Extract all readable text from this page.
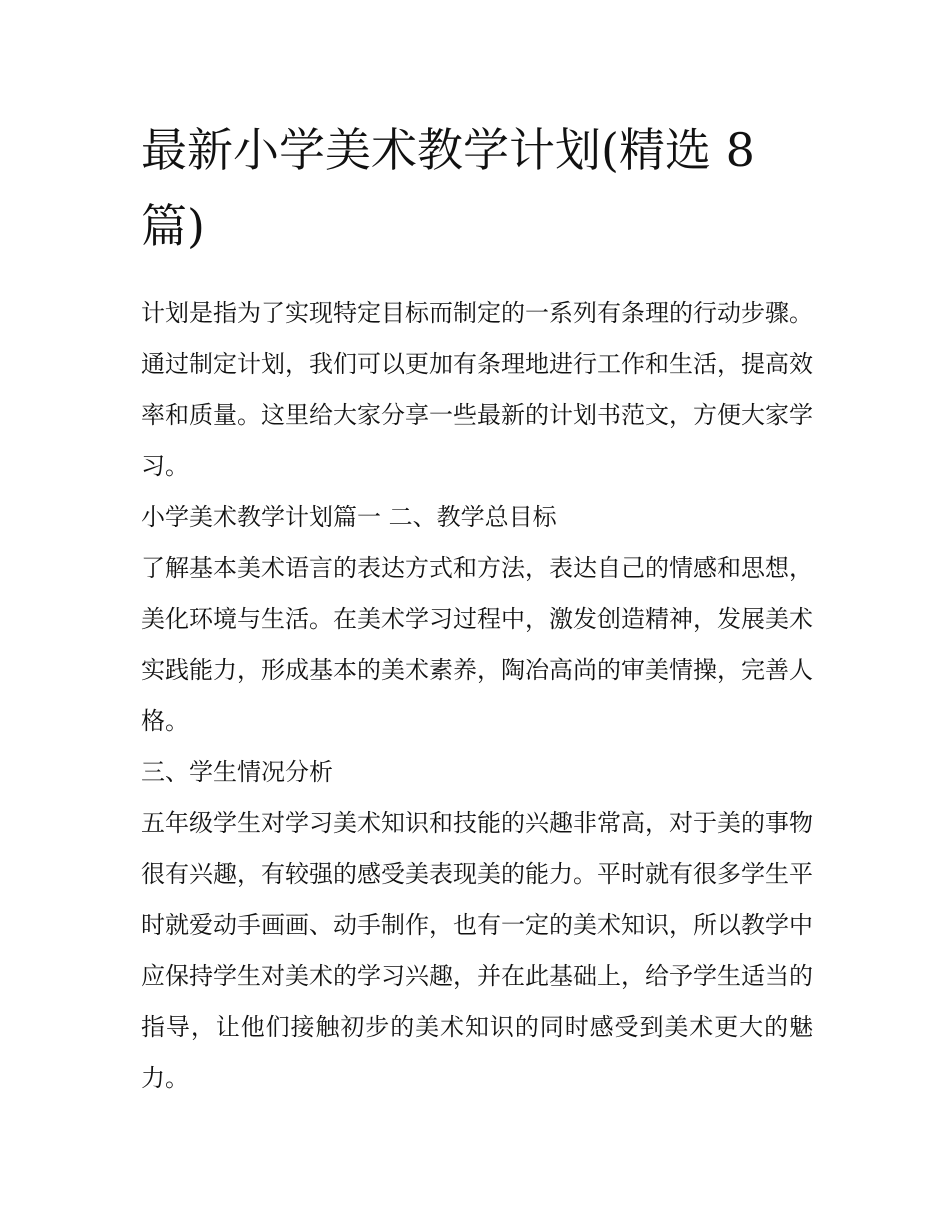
最新小学美术教学计划(精选 8 篇)

计划是指为了实现特定目标而制定的一系列有条理的行动步骤。通过制定计划，我们可以更加有条理地进行工作和生活，提高效率和质量。这里给大家分享一些最新的计划书范文，方便大家学习。

小学美术教学计划篇一 二、教学总目标

了解基本美术语言的表达方式和方法，表达自己的情感和思想，美化环境与生活。在美术学习过程中，激发创造精神，发展美术实践能力，形成基本的美术素养，陶冶高尚的审美情操，完善人格。

三、学生情况分析

五年级学生对学习美术知识和技能的兴趣非常高，对于美的事物很有兴趣，有较强的感受美表现美的能力。平时就有很多学生平时就爱动手画画、动手制作，也有一定的美术知识，所以教学中应保持学生对美术的学习兴趣，并在此基础上，给予学生适当的指导，让他们接触初步的美术知识的同时感受到美术更大的魅力。
